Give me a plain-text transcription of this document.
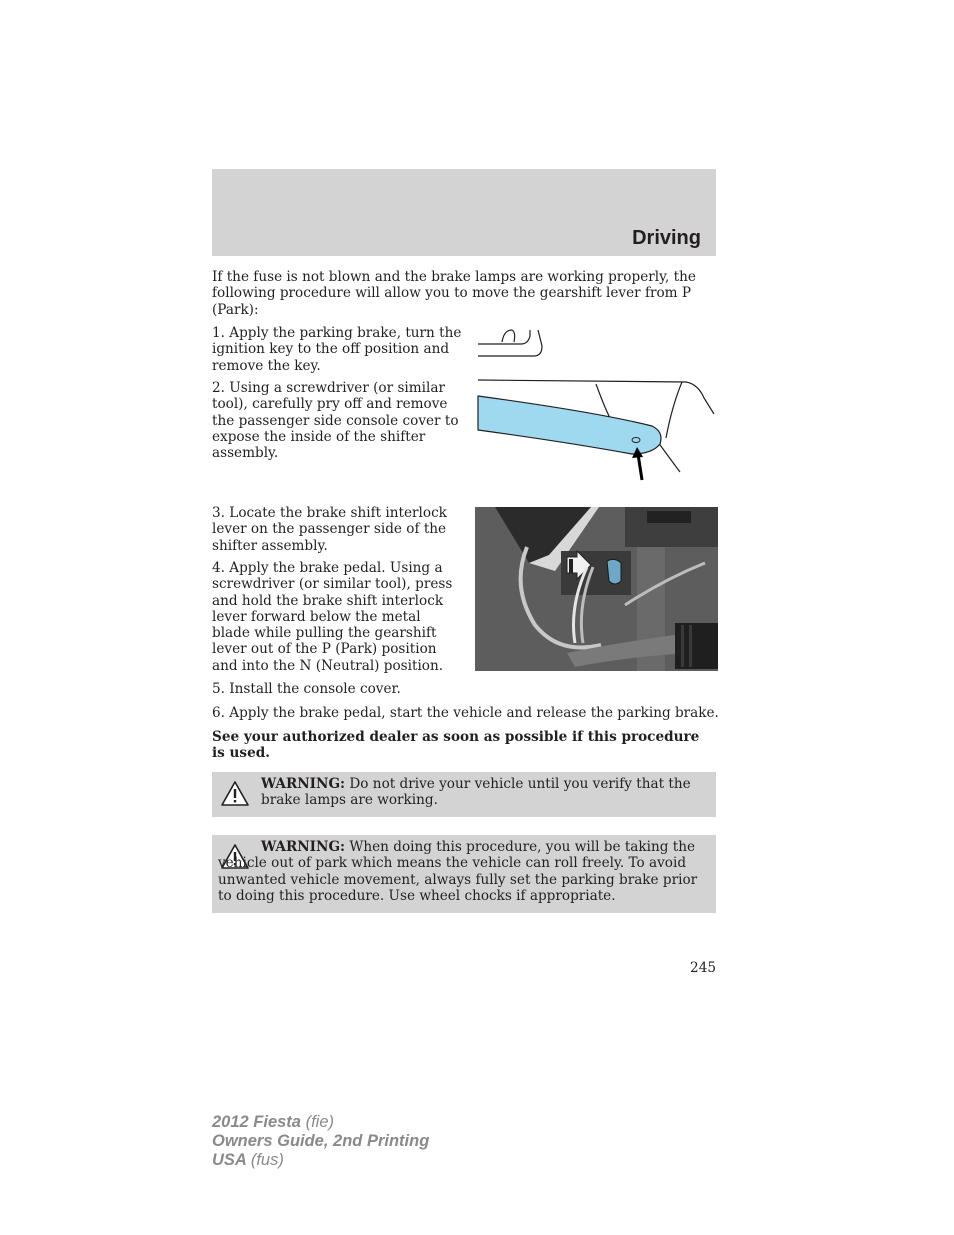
Driving

If the fuse is not blown and the brake lamps are working properly, the following procedure will allow you to move the gearshift lever from P (Park):

1. Apply the parking brake, turn the ignition key to the off position and remove the key.

2. Using a screwdriver (or similar tool), carefully pry off and remove the passenger side console cover to expose the inside of the shifter assembly.

3. Locate the brake shift interlock lever on the passenger side of the shifter assembly.

4. Apply the brake pedal. Using a screwdriver (or similar tool), press and hold the brake shift interlock lever forward below the metal blade while pulling the gearshift lever out of the P (Park) position and into the N (Neutral) position.

5. Install the console cover.

6. Apply the brake pedal, start the vehicle and release the parking brake.

See your authorized dealer as soon as possible if this procedure is used.

WARNING: Do not drive your vehicle until you verify that the brake lamps are working.

WARNING: When doing this procedure, you will be taking the vehicle out of park which means the vehicle can roll freely. To avoid unwanted vehicle movement, always fully set the parking brake prior to doing this procedure. Use wheel chocks if appropriate.

245
2012 Fiesta (fie)
Owners Guide, 2nd Printing
USA (fus)
